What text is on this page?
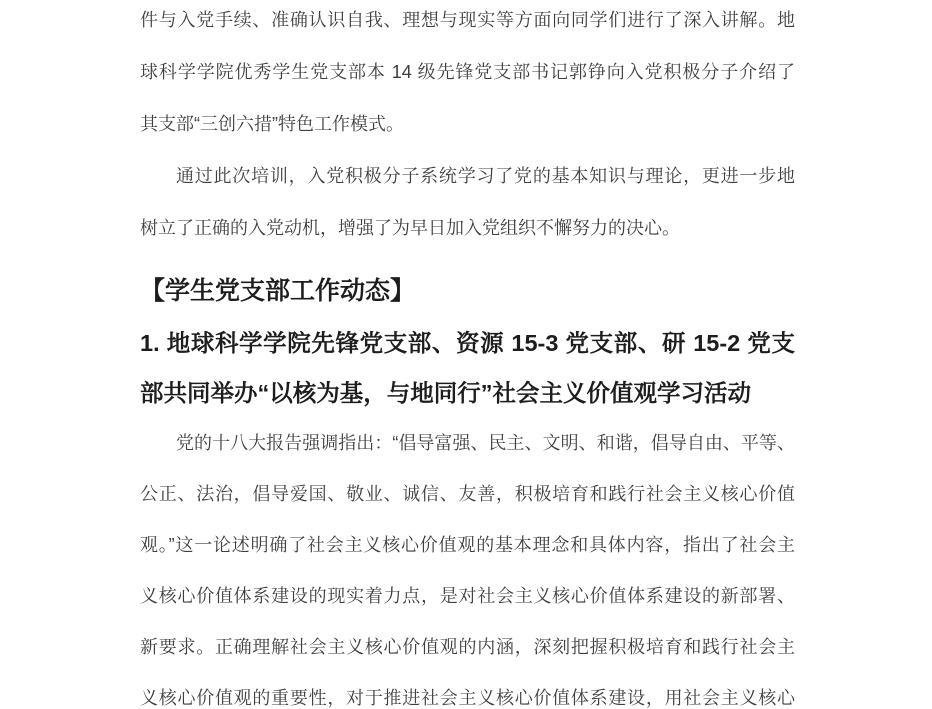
件与入党手续、准确认识自我、理想与现实等方面向同学们进行了深入讲解。地
球科学学院优秀学生党支部本 14 级先锋党支部书记郭铮向入党积极分子介绍了
其支部“三创六措”特色工作模式。
通过此次培训，入党积极分子系统学习了党的基本知识与理论，更进一步地
树立了正确的入党动机，增强了为早日加入党组织不懈努力的决心。
【学生党支部工作动态】
1. 地球科学学院先锋党支部、资源 15-3 党支部、研 15-2 党支
部共同举办“以核为基，与地同行”社会主义价值观学习活动
党的十八大报告强调指出：“倡导富强、民主、文明、和谐，倡导自由、平等、
公正、法治，倡导爱国、敬业、诚信、友善，积极培育和践行社会主义核心价值
观。”这一论述明确了社会主义核心价值观的基本理念和具体内容，指出了社会主
义核心价值体系建设的现实着力点，是对社会主义核心价值体系建设的新部署、
新要求。正确理解社会主义核心价值观的内涵，深刻把握积极培育和践行社会主
义核心价值观的重要性，对于推进社会主义核心价值体系建设，用社会主义核心
